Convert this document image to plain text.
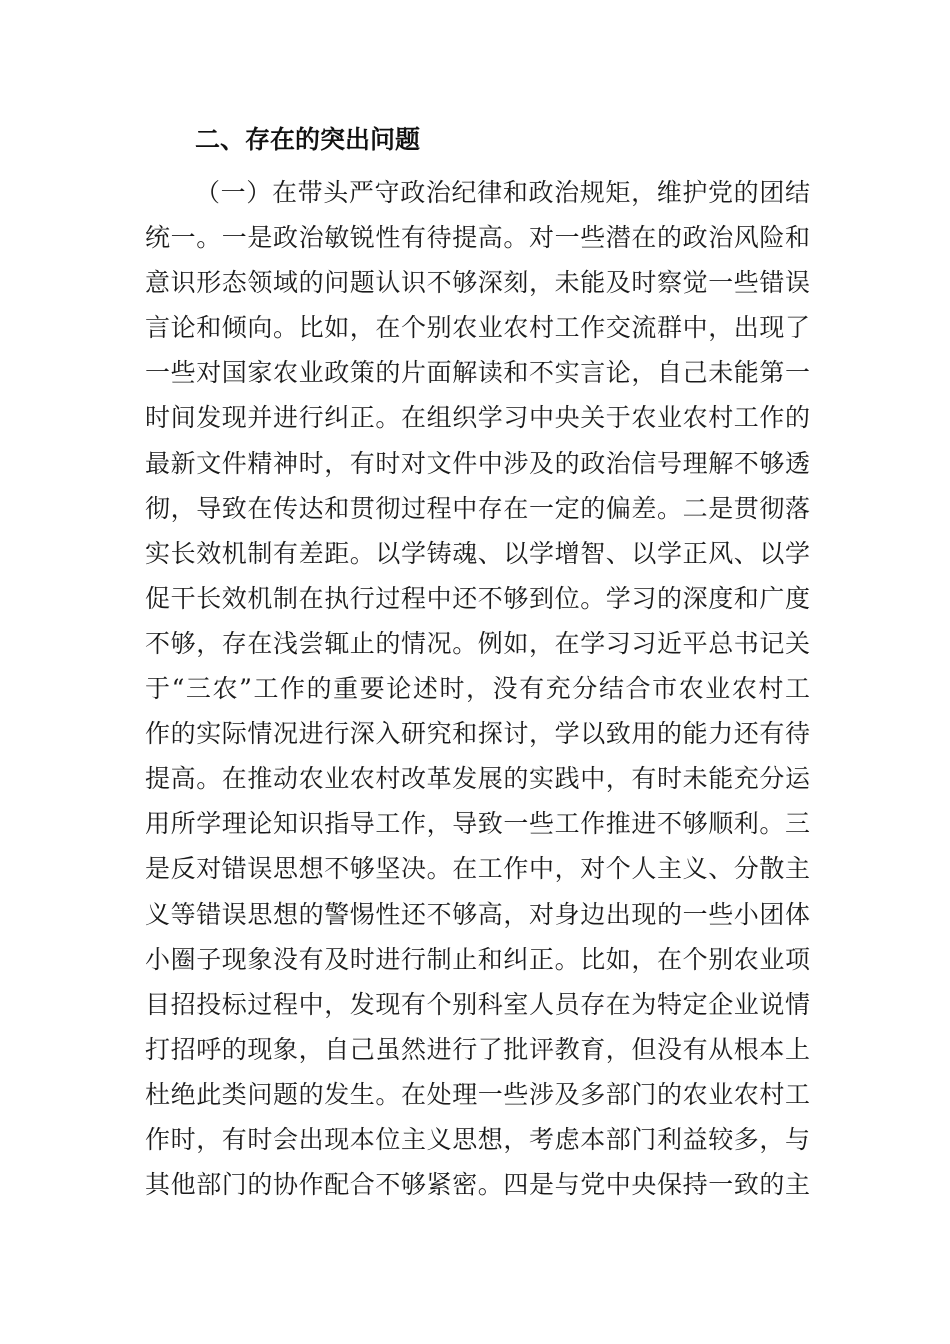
二、存在的突出问题
（一）在带头严守政治纪律和政治规矩，维护党的团结
统一。一是政治敏锐性有待提高。对一些潜在的政治风险和
意识形态领域的问题认识不够深刻，未能及时察觉一些错误
言论和倾向。比如，在个别农业农村工作交流群中，出现了
一些对国家农业政策的片面解读和不实言论，自己未能第一
时间发现并进行纠正。在组织学习中央关于农业农村工作的
最新文件精神时，有时对文件中涉及的政治信号理解不够透
彻，导致在传达和贯彻过程中存在一定的偏差。二是贯彻落
实长效机制有差距。以学铸魂、以学增智、以学正风、以学
促干长效机制在执行过程中还不够到位。学习的深度和广度
不够，存在浅尝辄止的情况。例如，在学习习近平总书记关
于“三农”工作的重要论述时，没有充分结合市农业农村工
作的实际情况进行深入研究和探讨，学以致用的能力还有待
提高。在推动农业农村改革发展的实践中，有时未能充分运
用所学理论知识指导工作，导致一些工作推进不够顺利。三
是反对错误思想不够坚决。在工作中，对个人主义、分散主
义等错误思想的警惕性还不够高，对身边出现的一些小团体
小圈子现象没有及时进行制止和纠正。比如，在个别农业项
目招投标过程中，发现有个别科室人员存在为特定企业说情
打招呼的现象，自己虽然进行了批评教育，但没有从根本上
杜绝此类问题的发生。在处理一些涉及多部门的农业农村工
作时，有时会出现本位主义思想，考虑本部门利益较多，与
其他部门的协作配合不够紧密。四是与党中央保持一致的主
